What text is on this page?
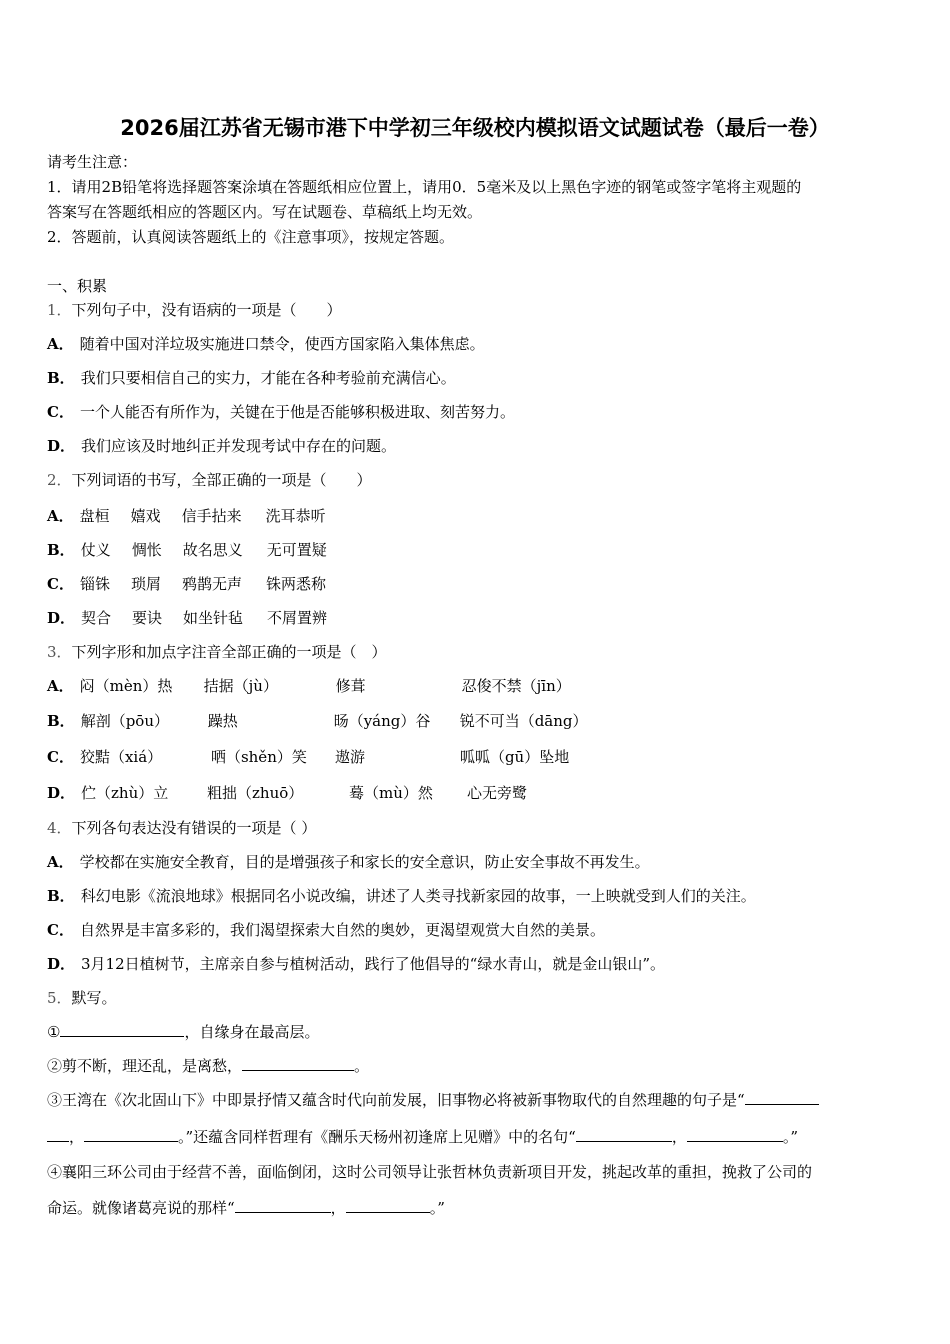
2026届江苏省无锡市港下中学初三年级校内模拟语文试题试卷（最后一卷）
请考生注意：
1．请用2B铅笔将选择题答案涂填在答题纸相应位置上，请用0．5毫米及以上黑色字迹的钢笔或签字笔将主观题的
答案写在答题纸相应的答题区内。写在试题卷、草稿纸上均无效。
2．答题前，认真阅读答题纸上的《注意事项》，按规定答题。
一、积累
1．下列句子中，没有语病的一项是（　　）
A． 随着中国对洋垃圾实施进口禁令，使西方国家陷入集体焦虑。
B． 我们只要相信自己的实力，才能在各种考验前充满信心。
C． 一个人能否有所作为，关键在于他是否能够积极进取、刻苦努力。
D． 我们应该及时地纠正并发现考试中存在的问题。
2．下列词语的书写，全部正确的一项是（　　）
A． 盘桓 嬉戏 信手拈来 洗耳恭听
B． 仗义 惆怅 故名思义 无可置疑
C． 锱铢 琐屑 鸦鹊无声 铢两悉称
D． 契合 要诀 如坐针毡 不屑置辨
3．下列字形和加点字注音全部正确的一项是（　）
A． 闷（mèn）热 拮据（jù）	修葺	忍俊不禁（jīn）
B． 解剖（pōu）	躁热	旸（yáng）谷 锐不可当（dāng）
C． 狡黠（xiá）	哂（shěn）笑 遨游	呱呱（gū）坠地
D． 伫（zhù）立	粗拙（zhuō）	蓦（mù）然 心无旁鹭
4．下列各句表达没有错误的一项是（ ）
A． 学校都在实施安全教育，目的是增强孩子和家长的安全意识，防止安全事故不再发生。
B． 科幻电影《流浪地球》根据同名小说改编，讲述了人类寻找新家园的故事，一上映就受到人们的关注。
C． 自然界是丰富多彩的，我们渴望探索大自然的奥妙，更渴望观赏大自然的美景。
D． 3月12日植树节，主席亲自参与植树活动，践行了他倡导的“绿水青山，就是金山银山”。
5．默写。
①	，自缘身在最高层。
②剪不断，理还乱，是离愁，	。
③王湾在《次北固山下》中即景抒情又蕴含时代向前发展，旧事物必将被新事物取代的自然理趣的句子是“
，	。”还蕴含同样哲理有《酬乐天杨州初逢席上见赠》中的名句“	，	。”
④襄阳三环公司由于经营不善，面临倒闭，这时公司领导让张哲林负责新项目开发，挑起改革的重担，挽救了公司的
命运。就像诸葛亮说的那样“	，	。”
